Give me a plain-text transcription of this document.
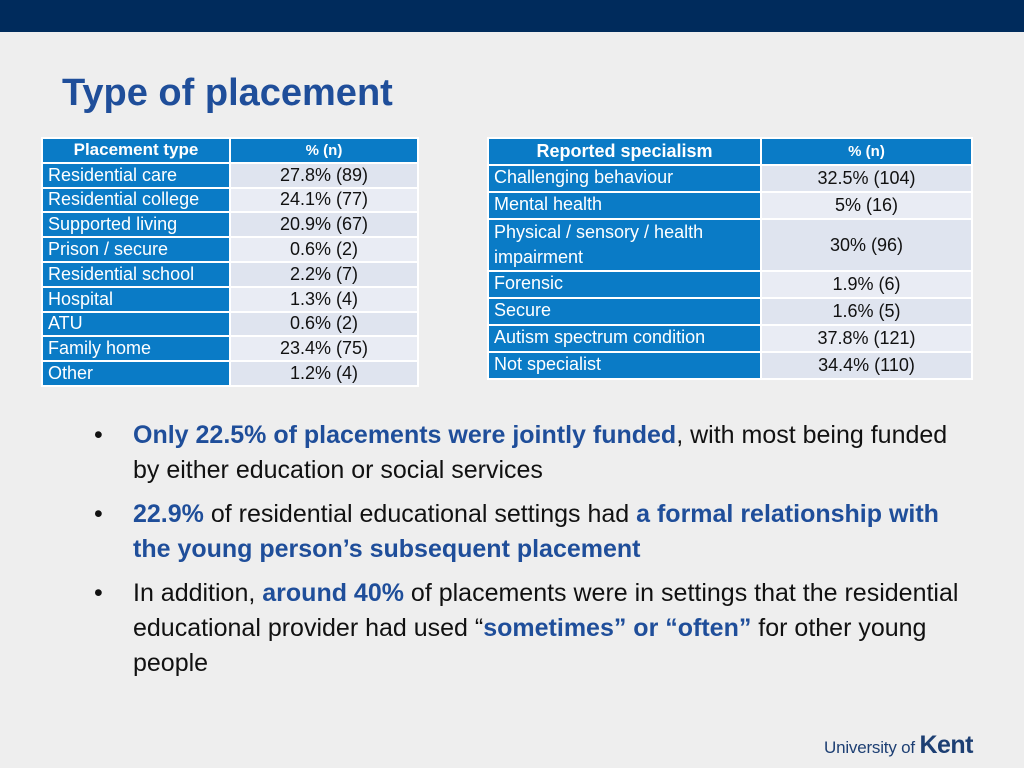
Type of placement
Placement type	% (n)
Residential care	27.8% (89)
Residential college	24.1% (77)
Supported living	20.9% (67)
Prison / secure	0.6% (2)
Residential school	2.2% (7)
Hospital	1.3% (4)
ATU	0.6% (2)
Family home	23.4% (75)
Other	1.2% (4)
Reported specialism	% (n)
Challenging behaviour	32.5% (104)
Mental health	5% (16)
Physical / sensory / health impairment	30% (96)
Forensic	1.9% (6)
Secure	1.6% (5)
Autism spectrum condition	37.8% (121)
Not specialist	34.4% (110)
• Only 22.5% of placements were jointly funded, with most being funded by either education or social services
• 22.9% of residential educational settings had a formal relationship with the young person’s subsequent placement
• In addition, around 40% of placements were in settings that the residential educational provider had used “sometimes” or “often” for other young people
University of Kent
